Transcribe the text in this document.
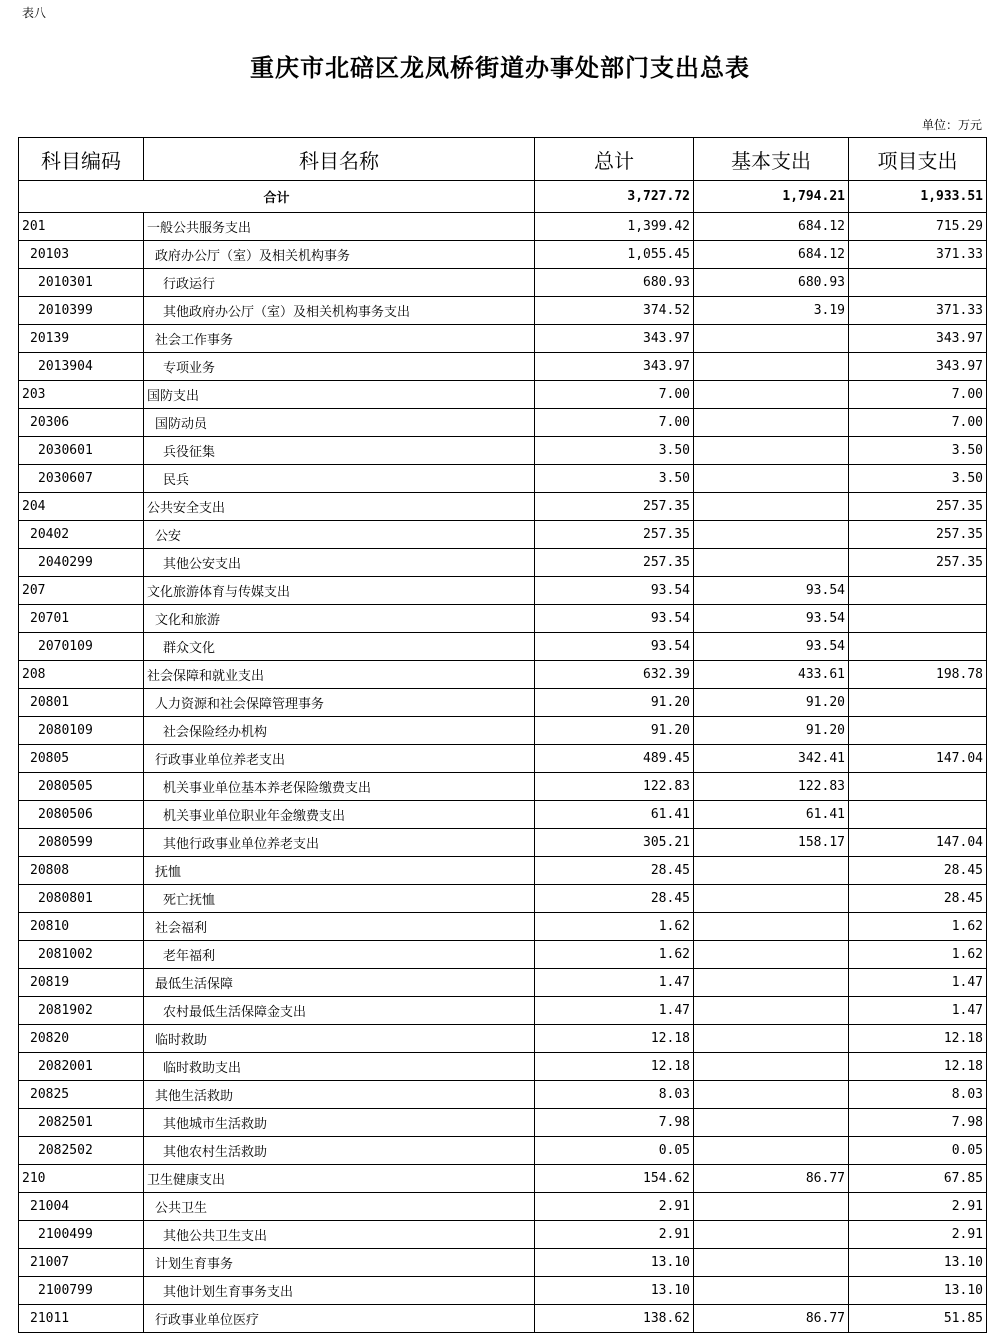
表八
重庆市北碚区龙凤桥街道办事处部门支出总表
单位：万元
科目编码	科目名称	总计	基本支出	项目支出
合计		3,727.72	1,794.21	1,933.51
201	一般公共服务支出	1,399.42	684.12	715.29
20103	政府办公厅（室）及相关机构事务	1,055.45	684.12	371.33
2010301	行政运行	680.93	680.93	
2010399	其他政府办公厅（室）及相关机构事务支出	374.52	3.19	371.33
20139	社会工作事务	343.97		343.97
2013904	专项业务	343.97		343.97
203	国防支出	7.00		7.00
20306	国防动员	7.00		7.00
2030601	兵役征集	3.50		3.50
2030607	民兵	3.50		3.50
204	公共安全支出	257.35		257.35
20402	公安	257.35		257.35
2040299	其他公安支出	257.35		257.35
207	文化旅游体育与传媒支出	93.54	93.54	
20701	文化和旅游	93.54	93.54	
2070109	群众文化	93.54	93.54	
208	社会保障和就业支出	632.39	433.61	198.78
20801	人力资源和社会保障管理事务	91.20	91.20	
2080109	社会保险经办机构	91.20	91.20	
20805	行政事业单位养老支出	489.45	342.41	147.04
2080505	机关事业单位基本养老保险缴费支出	122.83	122.83	
2080506	机关事业单位职业年金缴费支出	61.41	61.41	
2080599	其他行政事业单位养老支出	305.21	158.17	147.04
20808	抚恤	28.45		28.45
2080801	死亡抚恤	28.45		28.45
20810	社会福利	1.62		1.62
2081002	老年福利	1.62		1.62
20819	最低生活保障	1.47		1.47
2081902	农村最低生活保障金支出	1.47		1.47
20820	临时救助	12.18		12.18
2082001	临时救助支出	12.18		12.18
20825	其他生活救助	8.03		8.03
2082501	其他城市生活救助	7.98		7.98
2082502	其他农村生活救助	0.05		0.05
210	卫生健康支出	154.62	86.77	67.85
21004	公共卫生	2.91		2.91
2100499	其他公共卫生支出	2.91		2.91
21007	计划生育事务	13.10		13.10
2100799	其他计划生育事务支出	13.10		13.10
21011	行政事业单位医疗	138.62	86.77	51.85
